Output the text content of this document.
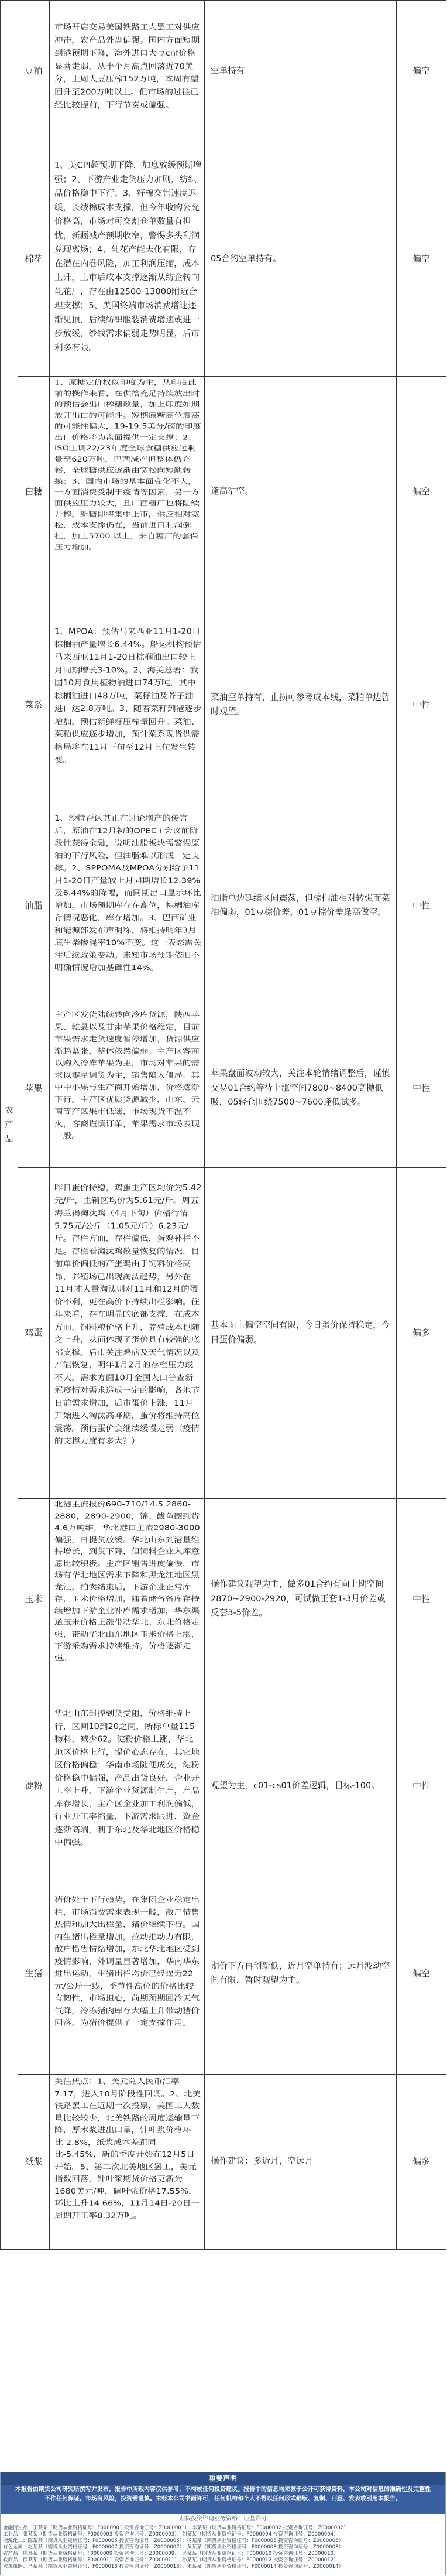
农产品	豆粕	市场开启交易美国铁路工人罢工对供应冲击，农产品外盘偏强。国内方面短期到港预期下降，海外进口大豆cnf价格显著走弱，从半个月高点回落近70美分，上周大豆压榨152万吨，本周有望回升至200万吨以上。但市场的过往已经比较提前，下行节奏或偏强。	空单持有	偏空
	棉花	1、美CPI超预期下降，加息放缓预期增强；2、下游产业走货压力加剧，纺织品价格稳中下行；3、籽棉交售速度迟缓，长绒棉成本支撑，但今年收购公允价格高，市场对可交割仓单数量有担忧，新疆减产预期收窄，警惕多头利润兑现离场；4、轧花产能去化有限，存在潜在内卷风险，加工利润压缩，成本上升，上市后成本支撑逐渐从纺企转向轧花厂，存在由12500-13000附近合理支撑；5、美国终端市场消费增速逐渐见顶，后续纺织服装消费增速或进一步放缓，纱线需求偏弱走势明显，后市利多有限。	05合约空单持有。	偏空
	白糖	1、原糖定价权以印度为主，从印度此前的操作来看，在供给充足持续放出时的预估会出口榨糖数量，加上印度如期放开出口的可能性。短期原糖高位震荡的可能性偏大，19-19.5美分/磅的印度出口价格将为盘面提供一定支撑；2、ISO上调22/23年度全球食糖供应过剩量至620万吨，巴西减产但整体仍充裕，全球糖供应逐渐由宽松向短缺转换；3、国内市场的基本面变化不大，一方面消费受制于疫情等因素，另一方面供应压力较大，且广西糖厂也将陆续开榨，新糖即将集中上市，供应相对宽松，成本支撑仍在，当前进口利润倒挂，加上5700 以上，来自糖厂的套保压力增加。	逢高沽空。	偏空
	菜系	1、MPOA：预估马来西亚11月1-20日棕榈油产量增长6.44%。船运机构预估马来西亚11月1-20日棕榈油出口较上月同期增长3-10%。2、海关总署：我国10月食用植物油进口74万吨，其中棕榈油进口48万吨，菜籽油及芥子油进口达2.8万吨。3、随着菜籽到港逐步增加，预估新鲜籽压榨量回升。菜油、菜粕供应逐步增加，预计菜系现货供需格局将在11月下旬至12月上旬发生转变。	菜油空单持有，止损可参考成本线，菜粕单边暂时观望。	中性
	油脂	1、沙特否认其正在讨论增产的传言后，原油在12月初的OPEC+会议前阶段性获得金融，说明油脂板块需警惕原油的下行风险，但油脂难以形成一定支撑。2、SPPOMA及MPOA分别给予11月1-20日产量较上月同期增长12.39%及6.44%的降幅，而同期出口显示环比增加，市场预期库存在高位，棕榈油库存情况恶化，库存增加。3、巴西矿业和能源部发布声明称，将维持明年3月底生柴掺混率10%不变。这一表态需关注后续政策变动。未知市场预期依旧不明确情况增加基础性14%。	油脂单边延续区间震荡，但棕榈油相对转强而菜油偏弱，01豆棕价差，01豆棕价差逢高做空。	中性
	苹果	主产区发货陆续转向冷库货源，陕西苹果、乾县以及甘肃苹果价格稳定，目前苹果需求走货速度暂停增加，货源供应渐趋紧张，整体依然偏弱。主产区客商以购入冷库苹果为主，市场对苹果的需求以零星调货为主，销售陷入僵局。其中中小果与生产商开始增加，价格逐渐下行。主产区优质货源减少，山东、云南等产区果市低迷，市场现货不温不火，客商谨慎订单，苹果需求市场表现一般。	苹果盘面波动较大，关注本轮情绪调整后，谨慎交易01合约等待上涨空间7800~8400高抛低吸，05轻仓围绕7500~7600逢低试多。	中性
	鸡蛋	昨日蛋价持稳，鸡蛋主产区均价为5.42元/斤，主销区均价为5.61元/斤。周五海兰褐淘汰鸡（4月下旬）价格行情5.75元/公斤（1.05元/斤）6.23元/斤。存栏方面，存栏偏低，蛋鸡补栏不足。存栏看淘汰鸡数量恢复的情况，目前单价偏低的产蛋鸡由于饲料价格高昂，养殖场已出现淘汰趋势，另外在11月才大量淘汰则对11月和12月的蛋价不利，更在高价下持续出栏影响。往年来看，存在明显的底部支撑，在成本方面，饲料粮价格上升，养殖成本也随之上升，从而体现了蛋价具有较强的底部支撑。后市关注鸡病及天气情况以及产能恢复，明年1月2月的存栏压力或不大，需求方面10月全国人口普查新冠疫情对需求造成一定的影响，各地节日前需求增加，后市蛋价上涨，11月开始进入淘汰高峰期，蛋价将维持高位震荡。预估蛋价会继续缓慢走弱（疫情的支撑力度有多大？）	基本面上偏空空间有限，今日蛋价保持稳定，今日蛋价偏弱。	偏多
	玉米	北港主流报价690-710/14.5 2860-2880，2890-2900，锦、鲅鱼圈到货4.6万吨维，华北港口主流2980-3000偏强，日提货放缓。华北山东到港量维持增长，到货下降，但饲料企业入库意愿比较积极。主产区销售进度偏慢，市场有华北地区需求下降和黑龙江地区黑龙江，拍卖结束后，下游企业正常库存，玉米价格增加，随着储备备库存持续增加下游企业补库需求增加，华东渠道玉米价格上涨带动华北、东北价格走强，带动华北山东地区玉米价格上涨，下游采购需求持续维持，价格逐渐走强。	操作建议观望为主，做多01合约有向上期空间2870~2900-2920，可试做正套1-3月价差或反套3-5价差。	中性
	淀粉	华北山东封控到货受阻，价格维持上行，区间10到20之间，所标单量115物料，减少62。淀粉价格上涨，华北地区价格上行，提价心态存在，其它地区价格偏稳；华南市场随便成交，淀粉价格稳中偏强，产品出货良好，企业开工率上升，下游企业货源制生产，产品库存增长，主产区企业加工利润偏低，行业开工率缩量，下游需求跟进，资金逐渐高端，利于东北及华北地区价格稳中偏强。	观望为主，c01-cs01价差逻辑，目标-100。	中性
	生猪	猪价处于下行趋势，在集团企业稳定出栏，市场消费需求表现一般，散户惜售热情和加大出栏量，猪价继续下行。国内生猪出栏量增加，拉动推动力有限，散户惜售情绪增加，东北华北地区受到疫情影响，外调量显著增加，华南华东进出运动，生猪出栏均价已经逼近22元/公斤一线，季节性高位的价格比较有韧性，市场担心，前期预期回冷天气气降，冷冻猪肉库存大幅上升带动猪价回落，为猪价提供了一定支撑作用。	期价下方再创新低，近月空单持有；远月波动空间有限，暂时观望为主。	偏空
	纸浆	关注焦点：1、美元兑人民币汇率7.17，进入10月阶段性回调。2、北美铁路罢工在近期一次投票，美国工人数量比较较少，北美铁路的周度运输量下降，厚木浆进出口量，针叶浆价格环比-2.8%，纸浆成本差距同比-5.45%，新的季度开始在12月5日开始。5、第二次北美地区罢工，美元指数回落，针叶浆期货价格更新为1680美元/吨，阔叶浆价格17.55%，环比上升14.66%，11月14日-20日一周期开工率8.32万吨。	操作建议：多近月，空远月	偏多
重要声明
本报告由期货公司研究所撰写并发布，报告中所载内容仅供参考，不构成任何投资建议。报告中的信息均来源于公开可获得资料，本公司对信息的准确性及完整性不作任何保证。市场有风险，投资需谨慎。未经本公司书面许可，任何机构和个人不得以任何形式翻版、复制、刊登、发表或引用本报告。
期货投资咨询业务资格：证监许可

金融衍生品：王某某（期货从业资格证号：F0000001 投资咨询证号：Z0000001）；李某某（期货从业资格证号：F0000002 投资咨询证号：Z0000002）

工业品：张某某（期货从业资格证号：F0000003 投资咨询证号：Z0000003）；刘某某（期货从业资格证号：F0000004 投资咨询证号：Z0000004）

能源化工：陈某某（期货从业资格证号：F0000005 投资咨询证号：Z0000005）；杨某某（期货从业资格证号：F0000006 投资咨询证号：Z0000006）

有色金属：赵某某（期货从业资格证号：F0000007 投资咨询证号：Z0000007）；黄某某（期货从业资格证号：F0000008 投资咨询证号：Z0000008）

农产品：周某某（期货从业资格证号：F0000009 投资咨询证号：Z0000009）；吴某某（期货从业资格证号：F0000010 投资咨询证号：Z0000010）

软商品：徐某某（期货从业资格证号：F0000011 投资咨询证号：Z0000011）；孙某某（期货从业资格证号：F0000012 投资咨询证号：Z0000012）

宏观策略：马某某（期货从业资格证号：F0000013 投资咨询证号：Z0000013）；朱某某（期货从业资格证号：F0000014 投资咨询证号：Z0000014）
